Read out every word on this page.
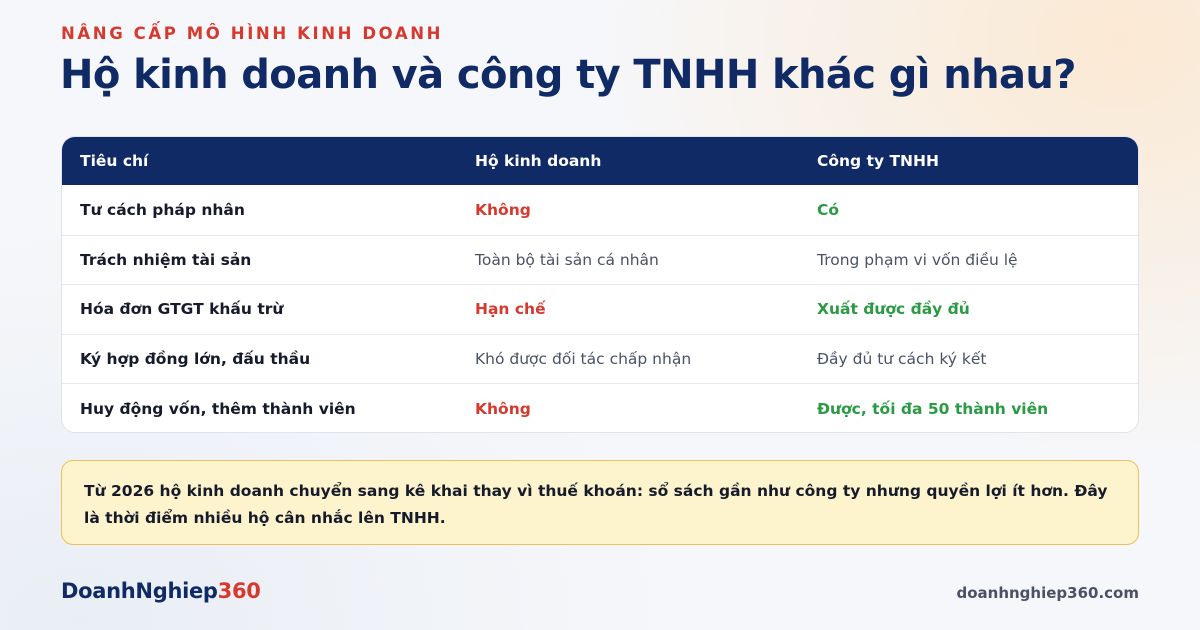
NÂNG CẤP MÔ HÌNH KINH DOANH
Hộ kinh doanh và công ty TNHH khác gì nhau?
Tiêu chí	Hộ kinh doanh	Công ty TNHH
Tư cách pháp nhân	Không	Có
Trách nhiệm tài sản	Toàn bộ tài sản cá nhân	Trong phạm vi vốn điều lệ
Hóa đơn GTGT khấu trừ	Hạn chế	Xuất được đầy đủ
Ký hợp đồng lớn, đấu thầu	Khó được đối tác chấp nhận	Đầy đủ tư cách ký kết
Huy động vốn, thêm thành viên	Không	Được, tối đa 50 thành viên
Từ 2026 hộ kinh doanh chuyển sang kê khai thay vì thuế khoán: sổ sách gần như công ty nhưng quyền lợi ít hơn. Đây là thời điểm nhiều hộ cân nhắc lên TNHH.
DoanhNghiep360	doanhnghiep360.com
